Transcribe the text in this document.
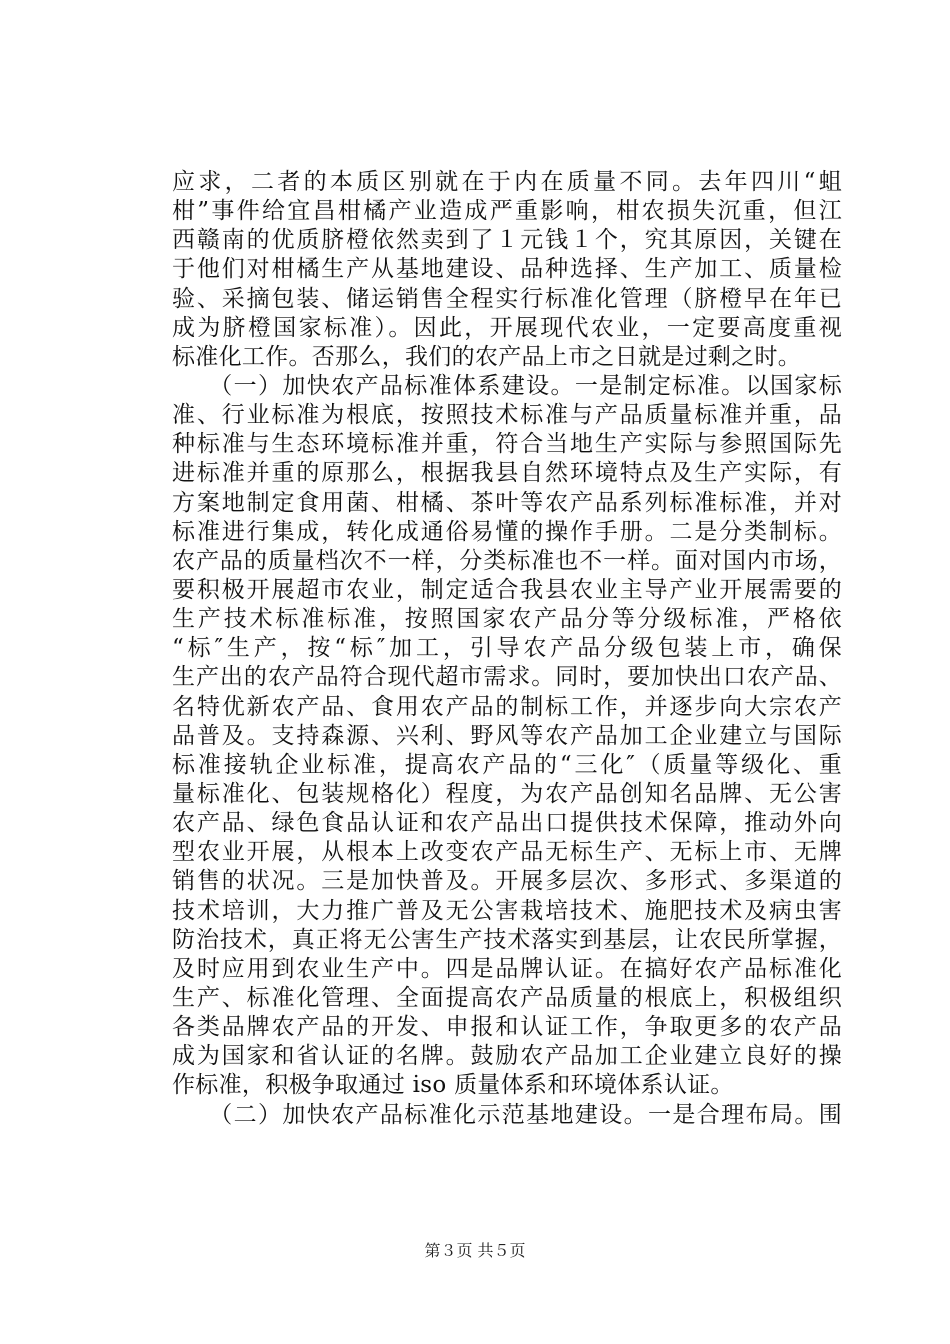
应求，二者的本质区别就在于内在质量不同。去年四川“蛆
柑”事件给宜昌柑橘产业造成严重影响，柑农损失沉重，但江
西赣南的优质脐橙依然卖到了１元钱１个，究其原因，关键在
于他们对柑橘生产从基地建设、品种选择、生产加工、质量检
验、采摘包装、储运销售全程实行标准化管理（脐橙早在年已
成为脐橙国家标准）。因此，开展现代农业，一定要高度重视
标准化工作。否那么，我们的农产品上市之日就是过剩之时。
　　（一）加快农产品标准体系建设。一是制定标准。以国家标
准、行业标准为根底，按照技术标准与产品质量标准并重，品
种标准与生态环境标准并重，符合当地生产实际与参照国际先
进标准并重的原那么，根据我县自然环境特点及生产实际，有
方案地制定食用菌、柑橘、茶叶等农产品系列标准标准，并对
标准进行集成，转化成通俗易懂的操作手册。二是分类制标。
农产品的质量档次不一样，分类标准也不一样。面对国内市场，
要积极开展超市农业，制定适合我县农业主导产业开展需要的
生产技术标准标准，按照国家农产品分等分级标准，严格依
“标″生产，按“标″加工，引导农产品分级包装上市，确保
生产出的农产品符合现代超市需求。同时，要加快出口农产品、
名特优新农产品、食用农产品的制标工作，并逐步向大宗农产
品普及。支持森源、兴利、野风等农产品加工企业建立与国际
标准接轨企业标准，提高农产品的“三化″（质量等级化、重
量标准化、包装规格化）程度，为农产品创知名品牌、无公害
农产品、绿色食品认证和农产品出口提供技术保障，推动外向
型农业开展，从根本上改变农产品无标生产、无标上市、无牌
销售的状况。三是加快普及。开展多层次、多形式、多渠道的
技术培训，大力推广普及无公害栽培技术、施肥技术及病虫害
防治技术，真正将无公害生产技术落实到基层，让农民所掌握，
及时应用到农业生产中。四是品牌认证。在搞好农产品标准化
生产、标准化管理、全面提高农产品质量的根底上，积极组织
各类品牌农产品的开发、申报和认证工作，争取更多的农产品
成为国家和省认证的名牌。鼓励农产品加工企业建立良好的操
作标准，积极争取通过 iso 质量体系和环境体系认证。
　　（二）加快农产品标准化示范基地建设。一是合理布局。围
第３页 共５页
